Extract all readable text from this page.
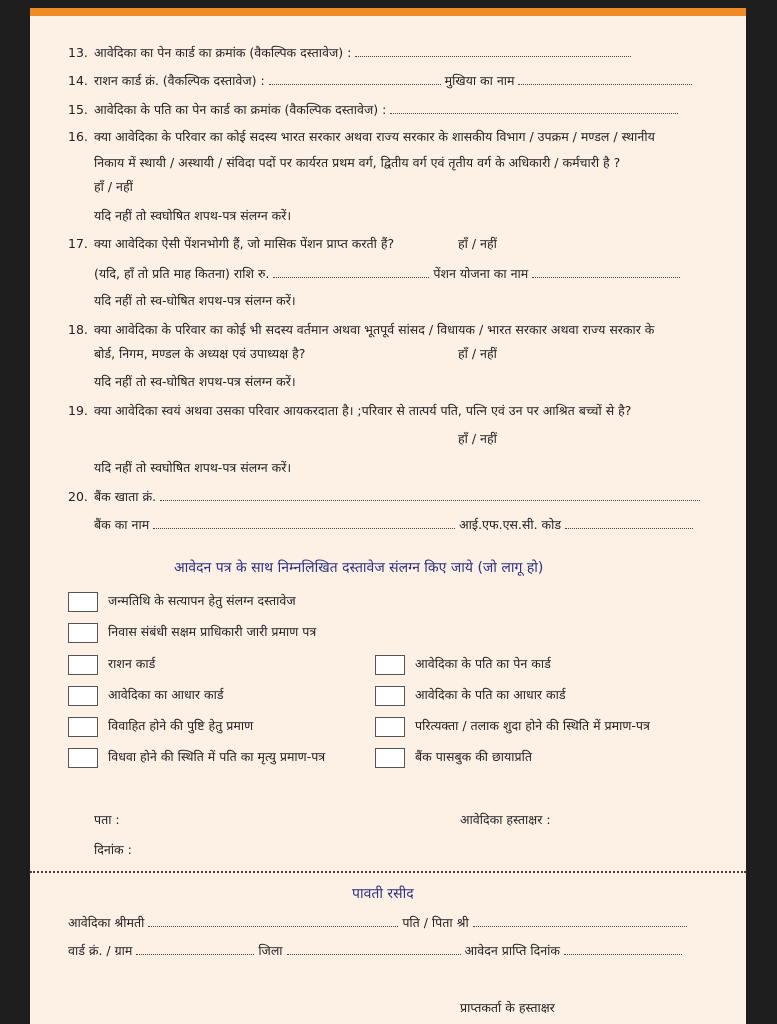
13. आवेदिका का पेन कार्ड का क्रमांक (वैकल्पिक दस्तावेज) :
14. राशन कार्ड क्रं. (वैकल्पिक दस्तावेज) :	मुखिया का नाम
15. आवेदिका के पति का पेन कार्ड का क्रमांक (वैकल्पिक दस्तावेज) :
16. क्या आवेदिका के परिवार का कोई सदस्य भारत सरकार अथवा राज्य सरकार के शासकीय विभाग / उपक्रम / मण्डल / स्थानीय
निकाय में स्थायी / अस्थायी / संविदा पदों पर कार्यरत प्रथम वर्ग, द्वितीय वर्ग एवं तृतीय वर्ग के अधिकारी / कर्मचारी है ?
हाँ / नहीं
यदि नहीं तो स्वघोषित शपथ-पत्र संलग्न करें।
17. क्या आवेदिका ऐसी पेंशनभोगी हैं, जो मासिक पेंशन प्राप्त करती हैं?	हाँ / नहीं
(यदि, हाँ तो प्रति माह कितना) राशि रु.	पेंशन योजना का नाम
यदि नहीं तो स्व-घोषित शपथ-पत्र संलग्न करें।
18. क्या आवेदिका के परिवार का कोई भी सदस्य वर्तमान अथवा भूतपूर्व सांसद / विधायक / भारत सरकार अथवा राज्य सरकार के
बोर्ड, निगम, मण्डल के अध्यक्ष एवं उपाध्यक्ष है?	हाँ / नहीं
यदि नहीं तो स्व-घोषित शपथ-पत्र संलग्न करें।
19. क्या आवेदिका स्वयं अथवा उसका परिवार आयकरदाता है। ;परिवार से तात्पर्य पति, पत्नि एवं उन पर आश्रित बच्चों से है?
हाँ / नहीं
यदि नहीं तो स्वघोषित शपथ-पत्र संलग्न करें।
20. बैंक खाता क्रं.
बैंक का नाम	आई.एफ.एस.सी. कोड
आवेदन पत्र के साथ निम्नलिखित दस्तावेज संलग्न किए जाये (जो लागू हो)
जन्मतिथि के सत्यापन हेतु संलग्न दस्तावेज
निवास संबंधी सक्षम प्राधिकारी जारी प्रमाण पत्र
राशन कार्ड	आवेदिका के पति का पेन कार्ड
आवेदिका का आधार कार्ड	आवेदिका के पति का आधार कार्ड
विवाहित होने की पुष्टि हेतु प्रमाण	परित्यक्ता / तलाक शुदा होने की स्थिति में प्रमाण-पत्र
विधवा होने की स्थिति में पति का मृत्यु प्रमाण-पत्र	बैंक पासबुक की छायाप्रति
पता :	आवेदिका हस्ताक्षर :
दिनांक :
पावती रसीद
आवेदिका श्रीमती	पति / पिता श्री
वार्ड क्रं. / ग्राम	जिला	आवेदन प्राप्ति दिनांक
प्राप्तकर्ता के हस्ताक्षर
